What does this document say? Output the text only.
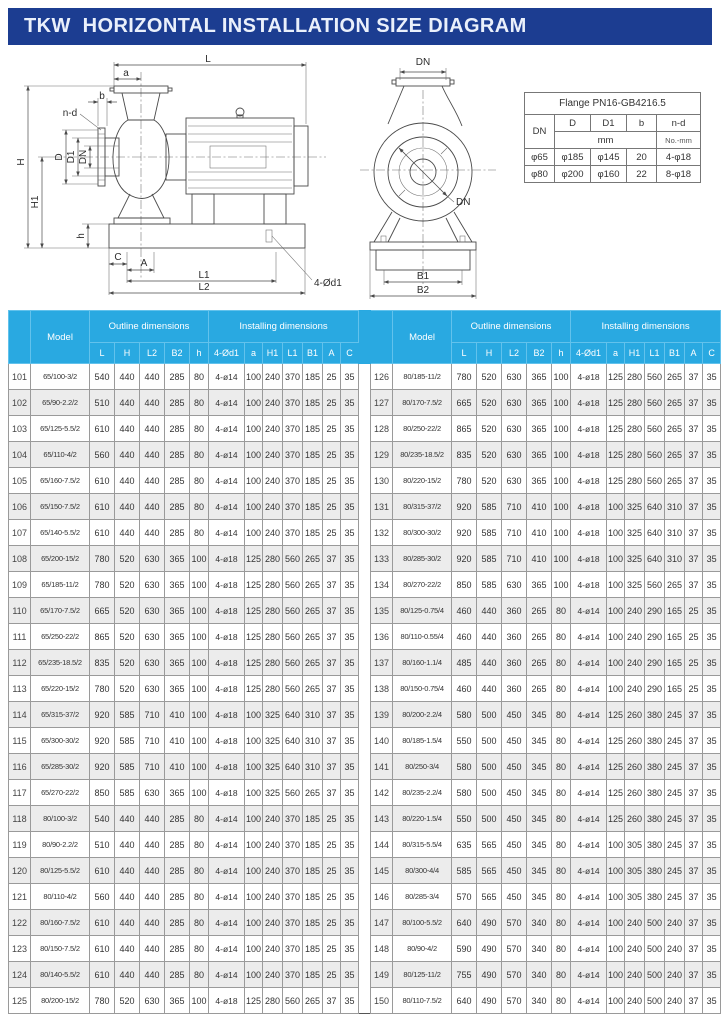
TKW  HORIZONTAL INSTALLATION SIZE DIAGRAM
L
a
b
n-d
D D1 DN
H
H1
h
C
A
L1
L2	4-Ød1
DN
DN
B1
B2
Flange PN16-GB4216.5				
DN	D	D1	b	n-d
	mm			No.-mm
φ65	φ185	φ145	20	4-φ18
φ80	φ200	φ160	22	8-φ18
	Model	Outline dimensions					Installing dimensions									Model	Outline dimensions					Installing dimensions						
		L	H	L2	B2	h	4-Ød1	a	H1	L1	B1	A	C				L	H	L2	B2	h	4-Ød1	a	H1	L1	B1	A	C
101	65/100-3/2	540	440	440	285	80	4-ø14	100	240	370	185	25	35		126	80/185-11/2	780	520	630	365	100	4-ø18	125	280	560	265	37	35
102	65/90-2.2/2	510	440	440	285	80	4-ø14	100	240	370	185	25	35		127	80/170-7.5/2	665	520	630	365	100	4-ø18	125	280	560	265	37	35
103	65/125-5.5/2	610	440	440	285	80	4-ø14	100	240	370	185	25	35		128	80/250-22/2	865	520	630	365	100	4-ø18	125	280	560	265	37	35
104	65/110-4/2	560	440	440	285	80	4-ø14	100	240	370	185	25	35		129	80/235-18.5/2	835	520	630	365	100	4-ø18	125	280	560	265	37	35
105	65/160-7.5/2	610	440	440	285	80	4-ø14	100	240	370	185	25	35		130	80/220-15/2	780	520	630	365	100	4-ø18	125	280	560	265	37	35
106	65/150-7.5/2	610	440	440	285	80	4-ø14	100	240	370	185	25	35		131	80/315-37/2	920	585	710	410	100	4-ø18	100	325	640	310	37	35
107	65/140-5.5/2	610	440	440	285	80	4-ø14	100	240	370	185	25	35		132	80/300-30/2	920	585	710	410	100	4-ø18	100	325	640	310	37	35
108	65/200-15/2	780	520	630	365	100	4-ø18	125	280	560	265	37	35		133	80/285-30/2	920	585	710	410	100	4-ø18	100	325	640	310	37	35
109	65/185-11/2	780	520	630	365	100	4-ø18	125	280	560	265	37	35		134	80/270-22/2	850	585	630	365	100	4-ø18	100	325	560	265	37	35
110	65/170-7.5/2	665	520	630	365	100	4-ø18	125	280	560	265	37	35		135	80/125-0.75/4	460	440	360	265	80	4-ø14	100	240	290	165	25	35
111	65/250-22/2	865	520	630	365	100	4-ø18	125	280	560	265	37	35		136	80/110-0.55/4	460	440	360	265	80	4-ø14	100	240	290	165	25	35
112	65/235-18.5/2	835	520	630	365	100	4-ø18	125	280	560	265	37	35		137	80/160-1.1/4	485	440	360	265	80	4-ø14	100	240	290	165	25	35
113	65/220-15/2	780	520	630	365	100	4-ø18	125	280	560	265	37	35		138	80/150-0.75/4	460	440	360	265	80	4-ø14	100	240	290	165	25	35
114	65/315-37/2	920	585	710	410	100	4-ø18	100	325	640	310	37	35		139	80/200-2.2/4	580	500	450	345	80	4-ø14	125	260	380	245	37	35
115	65/300-30/2	920	585	710	410	100	4-ø18	100	325	640	310	37	35		140	80/185-1.5/4	550	500	450	345	80	4-ø14	125	260	380	245	37	35
116	65/285-30/2	920	585	710	410	100	4-ø18	100	325	640	310	37	35		141	80/250-3/4	580	500	450	345	80	4-ø14	125	260	380	245	37	35
117	65/270-22/2	850	585	630	365	100	4-ø18	100	325	560	265	37	35		142	80/235-2.2/4	580	500	450	345	80	4-ø14	125	260	380	245	37	35
118	80/100-3/2	540	440	440	285	80	4-ø14	100	240	370	185	25	35		143	80/220-1.5/4	550	500	450	345	80	4-ø14	125	260	380	245	37	35
119	80/90-2.2/2	510	440	440	285	80	4-ø14	100	240	370	185	25	35		144	80/315-5.5/4	635	565	450	345	80	4-ø14	100	305	380	245	37	35
120	80/125-5.5/2	610	440	440	285	80	4-ø14	100	240	370	185	25	35		145	80/300-4/4	585	565	450	345	80	4-ø14	100	305	380	245	37	35
121	80/110-4/2	560	440	440	285	80	4-ø14	100	240	370	185	25	35		146	80/285-3/4	570	565	450	345	80	4-ø14	100	305	380	245	37	35
122	80/160-7.5/2	610	440	440	285	80	4-ø14	100	240	370	185	25	35		147	80/100-5.5/2	640	490	570	340	80	4-ø14	100	240	500	240	37	35
123	80/150-7.5/2	610	440	440	285	80	4-ø14	100	240	370	185	25	35		148	80/90-4/2	590	490	570	340	80	4-ø14	100	240	500	240	37	35
124	80/140-5.5/2	610	440	440	285	80	4-ø14	100	240	370	185	25	35		149	80/125-11/2	755	490	570	340	80	4-ø14	100	240	500	240	37	35
125	80/200-15/2	780	520	630	365	100	4-ø18	125	280	560	265	37	35		150	80/110-7.5/2	640	490	570	340	80	4-ø14	100	240	500	240	37	35
